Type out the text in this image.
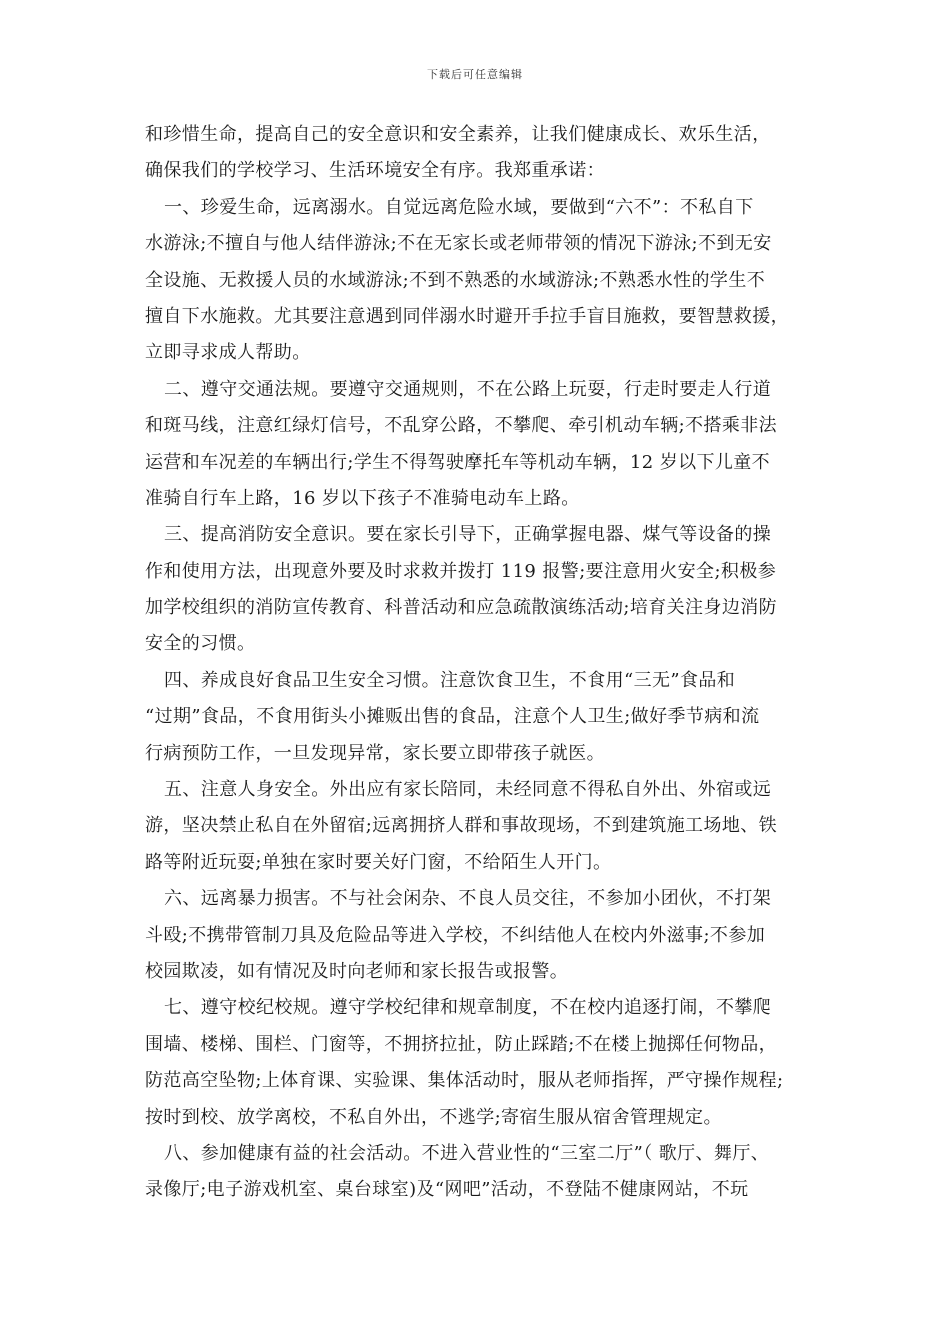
下载后可任意编辑
和珍惜生命，提高自己的安全意识和安全素养，让我们健康成长、欢乐生活，
确保我们的学校学习、生活环境安全有序。我郑重承诺：
一、珍爱生命，远离溺水。自觉远离危险水域，要做到“六不”：不私自下
水游泳;不擅自与他人结伴游泳;不在无家长或老师带领的情况下游泳;不到无安
全设施、无救援人员的水域游泳;不到不熟悉的水域游泳;不熟悉水性的学生不
擅自下水施救。尤其要注意遇到同伴溺水时避开手拉手盲目施救，要智慧救援，
立即寻求成人帮助。
二、遵守交通法规。要遵守交通规则，不在公路上玩耍，行走时要走人行道
和斑马线，注意红绿灯信号，不乱穿公路，不攀爬、牵引机动车辆;不搭乘非法
运营和车况差的车辆出行;学生不得驾驶摩托车等机动车辆，12 岁以下儿童不
准骑自行车上路，16 岁以下孩子不准骑电动车上路。
三、提高消防安全意识。要在家长引导下，正确掌握电器、煤气等设备的操
作和使用方法，出现意外要及时求救并拨打 119 报警;要注意用火安全;积极参
加学校组织的消防宣传教育、科普活动和应急疏散演练活动;培育关注身边消防
安全的习惯。
四、养成良好食品卫生安全习惯。注意饮食卫生，不食用“三无”食品和
“过期”食品，不食用街头小摊贩出售的食品，注意个人卫生;做好季节病和流
行病预防工作，一旦发现异常，家长要立即带孩子就医。
五、注意人身安全。外出应有家长陪同，未经同意不得私自外出、外宿或远
游，坚决禁止私自在外留宿;远离拥挤人群和事故现场，不到建筑施工场地、铁
路等附近玩耍;单独在家时要关好门窗，不给陌生人开门。
六、远离暴力损害。不与社会闲杂、不良人员交往，不参加小团伙，不打架
斗殴;不携带管制刀具及危险品等进入学校，不纠结他人在校内外滋事;不参加
校园欺凌，如有情况及时向老师和家长报告或报警。
七、遵守校纪校规。遵守学校纪律和规章制度，不在校内追逐打闹，不攀爬
围墙、楼梯、围栏、门窗等，不拥挤拉扯，防止踩踏;不在楼上抛掷任何物品，
防范高空坠物;上体育课、实验课、集体活动时，服从老师指挥，严守操作规程;
按时到校、放学离校，不私自外出，不逃学;寄宿生服从宿舍管理规定。
八、参加健康有益的社会活动。不进入营业性的“三室二厅”（ 歌厅、舞厅、
录像厅;电子游戏机室、桌台球室)及“网吧”活动，不登陆不健康网站，不玩
